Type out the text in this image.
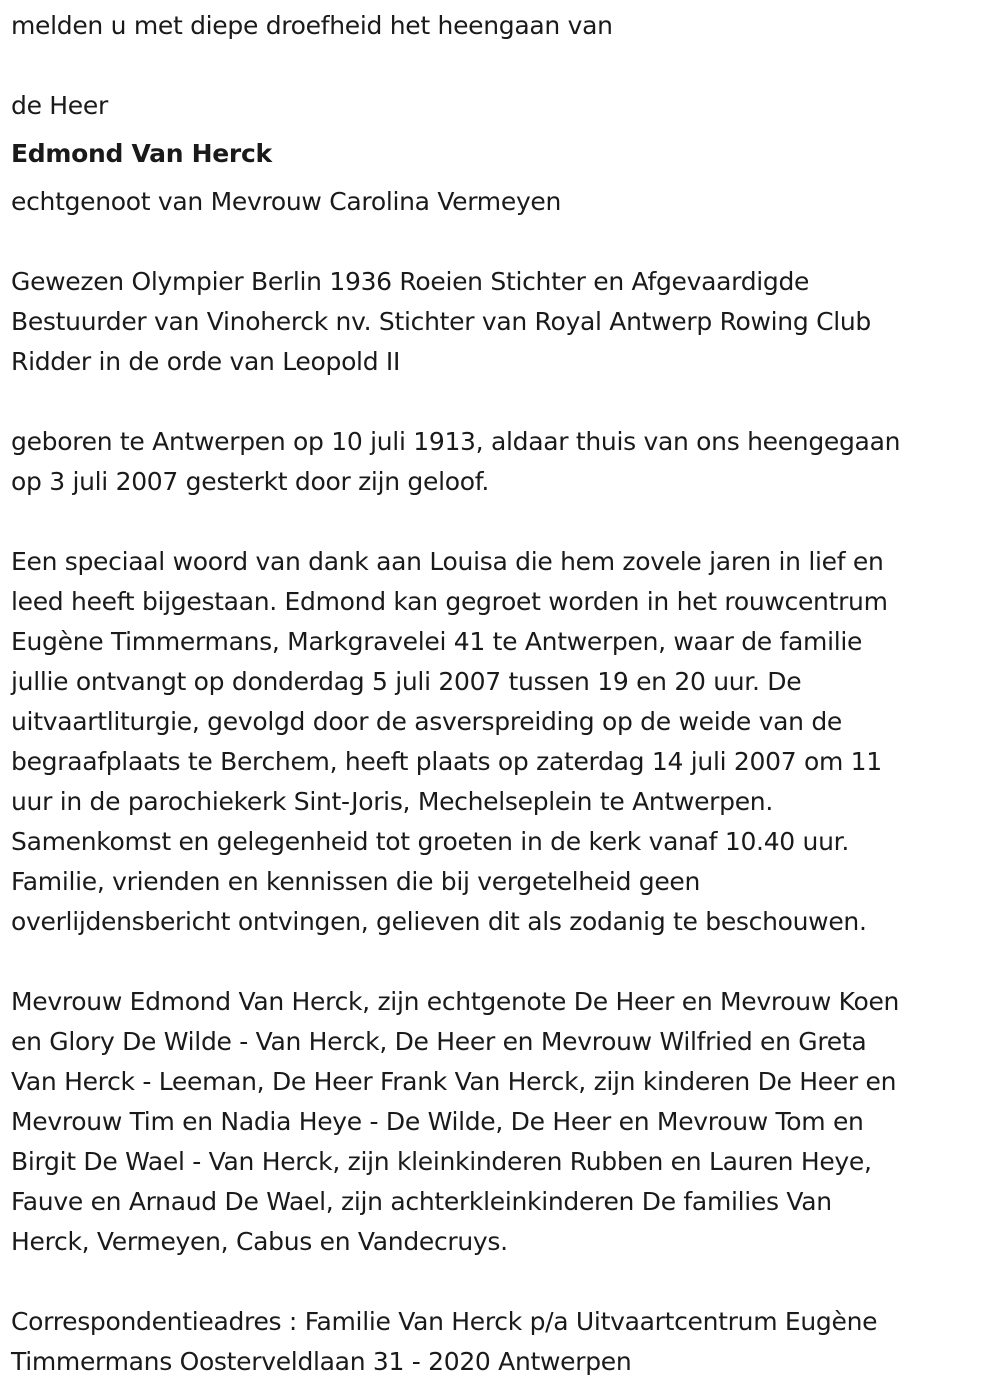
melden u met diepe droefheid het heengaan van
de Heer
Edmond Van Herck
echtgenoot van Mevrouw Carolina Vermeyen
Gewezen Olympier Berlin 1936 Roeien Stichter en Afgevaardigde
Bestuurder van Vinoherck nv. Stichter van Royal Antwerp Rowing Club
Ridder in de orde van Leopold II
geboren te Antwerpen op 10 juli 1913, aldaar thuis van ons heengegaan
op 3 juli 2007 gesterkt door zijn geloof.
Een speciaal woord van dank aan Louisa die hem zovele jaren in lief en
leed heeft bijgestaan. Edmond kan gegroet worden in het rouwcentrum
Eugène Timmermans, Markgravelei 41 te Antwerpen, waar de familie
jullie ontvangt op donderdag 5 juli 2007 tussen 19 en 20 uur. De
uitvaartliturgie, gevolgd door de asverspreiding op de weide van de
begraafplaats te Berchem, heeft plaats op zaterdag 14 juli 2007 om 11
uur in de parochiekerk Sint-Joris, Mechelseplein te Antwerpen.
Samenkomst en gelegenheid tot groeten in de kerk vanaf 10.40 uur.
Familie, vrienden en kennissen die bij vergetelheid geen
overlijdensbericht ontvingen, gelieven dit als zodanig te beschouwen.
Mevrouw Edmond Van Herck, zijn echtgenote De Heer en Mevrouw Koen
en Glory De Wilde - Van Herck, De Heer en Mevrouw Wilfried en Greta
Van Herck - Leeman, De Heer Frank Van Herck, zijn kinderen De Heer en
Mevrouw Tim en Nadia Heye - De Wilde, De Heer en Mevrouw Tom en
Birgit De Wael - Van Herck, zijn kleinkinderen Rubben en Lauren Heye,
Fauve en Arnaud De Wael, zijn achterkleinkinderen De families Van
Herck, Vermeyen, Cabus en Vandecruys.
Correspondentieadres : Familie Van Herck p/a Uitvaartcentrum Eugène
Timmermans Oosterveldlaan 31 - 2020 Antwerpen
